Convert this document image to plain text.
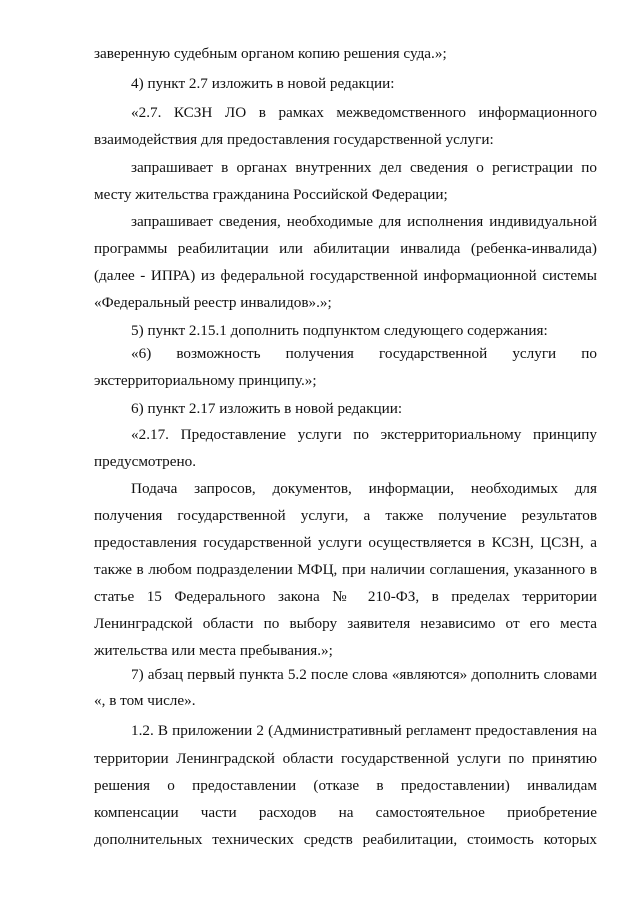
заверенную судебным органом копию решения суда.»;
4) пункт 2.7 изложить в новой редакции:
«2.7. КСЗН ЛО в рамках межведомственного информационного
взаимодействия для предоставления государственной услуги:
запрашивает в органах внутренних дел сведения о регистрации по
месту жительства гражданина Российской Федерации;
запрашивает сведения, необходимые для исполнения индивидуальной
программы реабилитации или абилитации инвалида (ребенка-инвалида)
(далее - ИПРА) из федеральной государственной информационной системы
«Федеральный реестр инвалидов».»;
5) пункт 2.15.1 дополнить подпунктом следующего содержания:
«6) возможность получения государственной услуги по
экстерриториальному принципу.»;
6) пункт 2.17 изложить в новой редакции:
«2.17. Предоставление услуги по экстерриториальному принципу
предусмотрено.
Подача запросов, документов, информации, необходимых для
получения государственной услуги, а также получение результатов
предоставления государственной услуги осуществляется в КСЗН, ЦСЗН, а
также в любом подразделении МФЦ, при наличии соглашения, указанного в
статье 15 Федерального закона № 210-ФЗ, в пределах территории
Ленинградской области по выбору заявителя независимо от его места
жительства или места пребывания.»;
7) абзац первый пункта 5.2 после слова «являются» дополнить словами
«, в том числе».
1.2. В приложении 2 (Административный регламент предоставления на
территории Ленинградской области государственной услуги по принятию
решения о предоставлении (отказе в предоставлении) инвалидам
компенсации части расходов на самостоятельное приобретение
дополнительных технических средств реабилитации, стоимость которых
